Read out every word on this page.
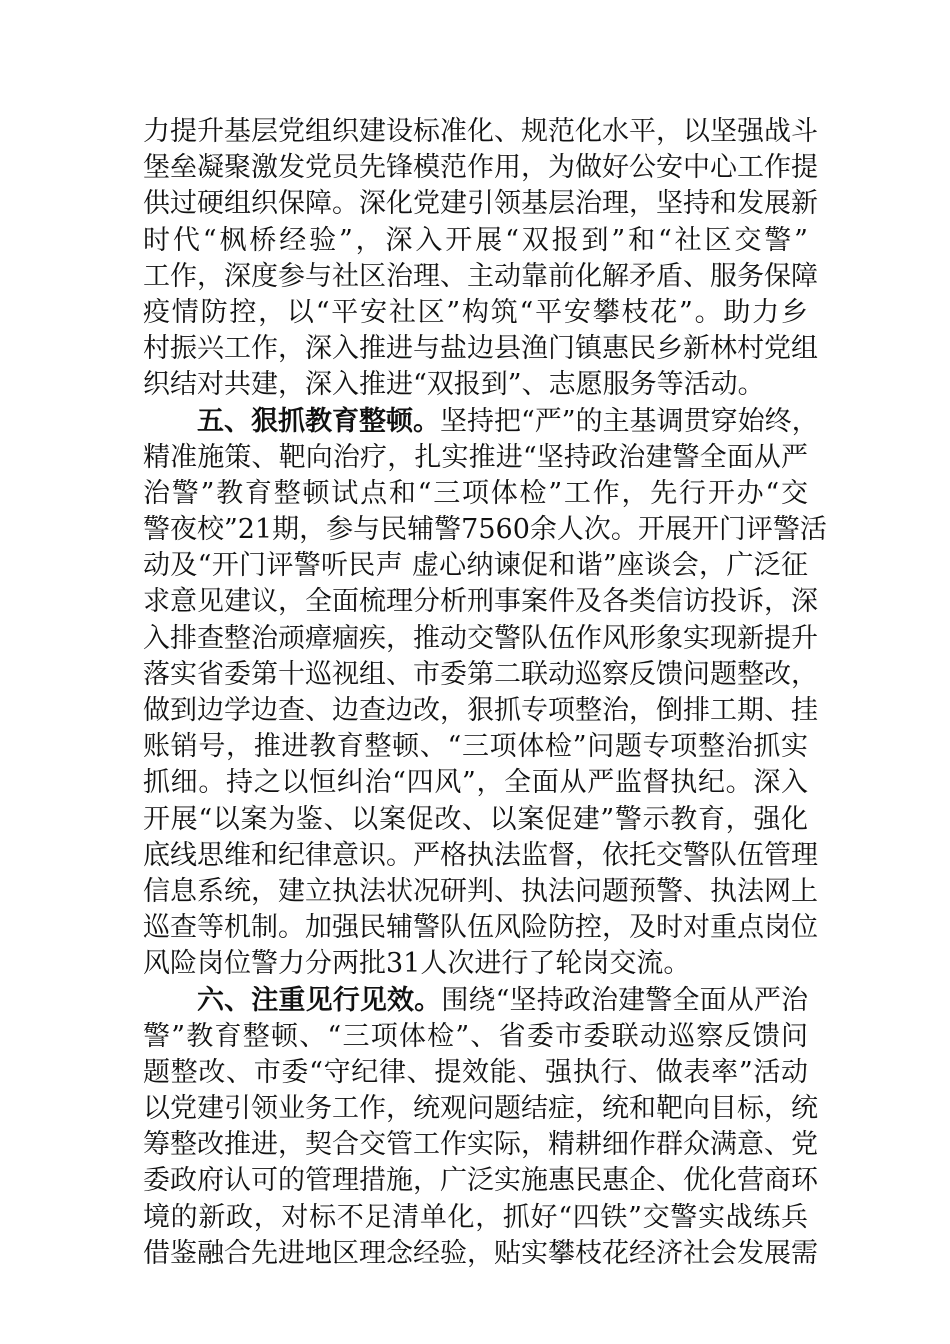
力提升基层党组织建设标准化、规范化水平，以坚强战斗
堡垒凝聚激发党员先锋模范作用，为做好公安中心工作提
供过硬组织保障。深化党建引领基层治理，坚持和发展新
时代“枫桥经验”，深入开展“双报到”和“社区交警”
工作，深度参与社区治理、主动靠前化解矛盾、服务保障
疫情防控，以“平安社区”构筑“平安攀枝花”。助力乡
村振兴工作，深入推进与盐边县渔门镇惠民乡新林村党组
织结对共建，深入推进“双报到”、志愿服务等活动。
五、狠抓教育整顿。坚持把“严”的主基调贯穿始终，
精准施策、靶向治疗，扎实推进“坚持政治建警全面从严
治警”教育整顿试点和“三项体检”工作，先行开办“交
警夜校”21期，参与民辅警7560余人次。开展开门评警活
动及“开门评警听民声 虚心纳谏促和谐”座谈会，广泛征
求意见建议，全面梳理分析刑事案件及各类信访投诉，深
入排查整治顽瘴痼疾，推动交警队伍作风形象实现新提升
落实省委第十巡视组、市委第二联动巡察反馈问题整改，
做到边学边查、边查边改，狠抓专项整治，倒排工期、挂
账销号，推进教育整顿、“三项体检”问题专项整治抓实
抓细。持之以恒纠治“四风”，全面从严监督执纪。深入
开展“以案为鉴、以案促改、以案促建”警示教育，强化
底线思维和纪律意识。严格执法监督，依托交警队伍管理
信息系统，建立执法状况研判、执法问题预警、执法网上
巡查等机制。加强民辅警队伍风险防控，及时对重点岗位
风险岗位警力分两批31人次进行了轮岗交流。
六、注重见行见效。围绕“坚持政治建警全面从严治
警”教育整顿、“三项体检”、省委市委联动巡察反馈问
题整改、市委“守纪律、提效能、强执行、做表率”活动
以党建引领业务工作，统观问题结症，统和靶向目标，统
筹整改推进，契合交管工作实际，精耕细作群众满意、党
委政府认可的管理措施，广泛实施惠民惠企、优化营商环
境的新政，对标不足清单化，抓好“四铁”交警实战练兵
借鉴融合先进地区理念经验，贴实攀枝花经济社会发展需
